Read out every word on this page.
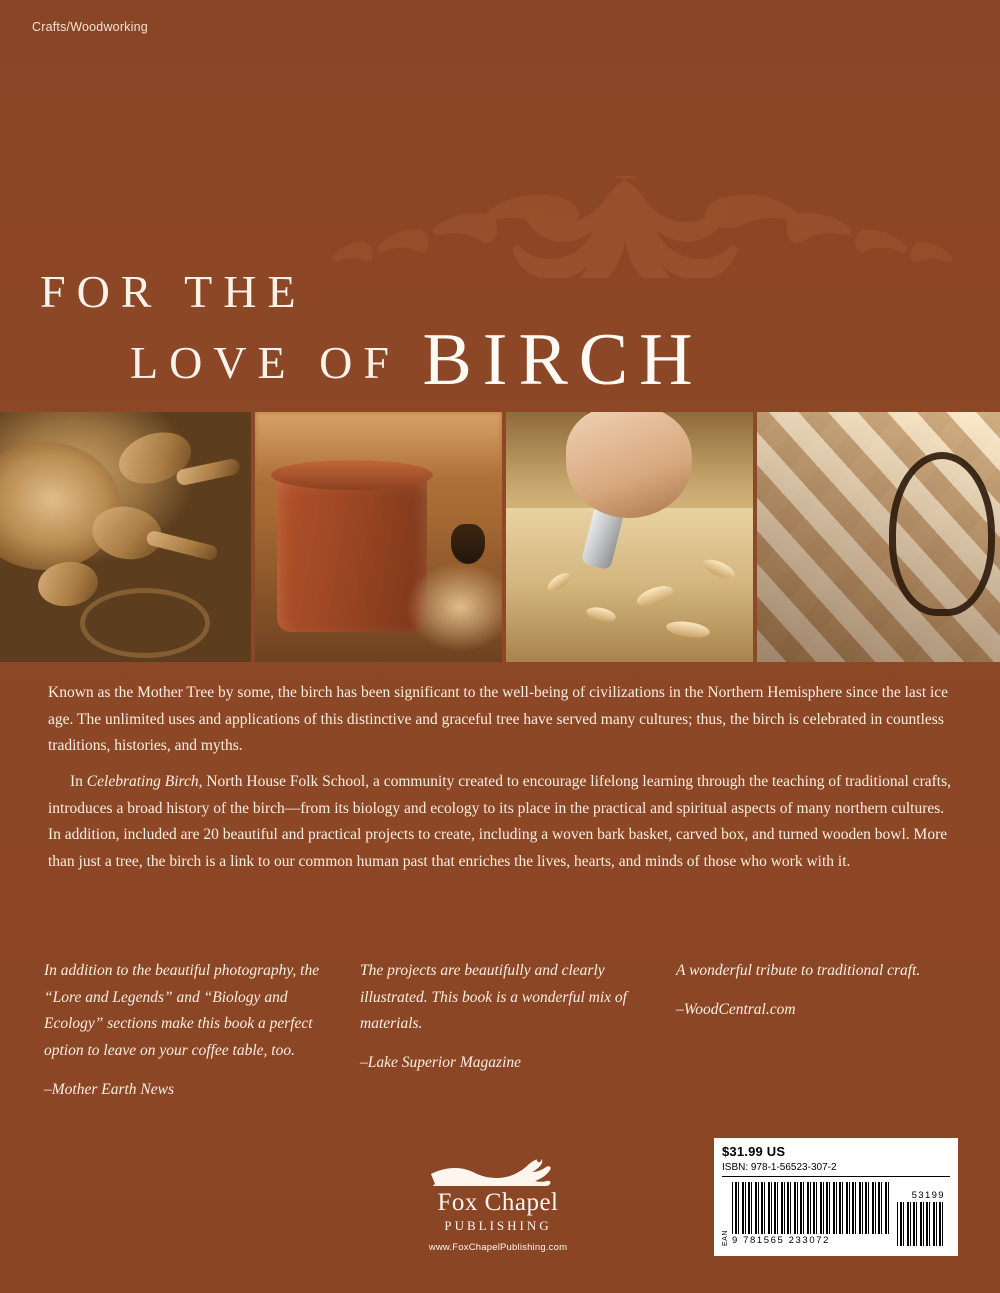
Crafts/Woodworking
FOR THE
LOVE OF BIRCH

Known as the Mother Tree by some, the birch has been significant to the well-being of civilizations in the Northern Hemisphere since the last ice age. The unlimited uses and applications of this distinctive and graceful tree have served many cultures; thus, the birch is celebrated in countless traditions, histories, and myths.

In Celebrating Birch, North House Folk School, a community created to encourage lifelong learning through the teaching of traditional crafts, introduces a broad history of the birch—from its biology and ecology to its place in the practical and spiritual aspects of many northern cultures. In addition, included are 20 beautiful and practical projects to create, including a woven bark basket, carved box, and turned wooden bowl. More than just a tree, the birch is a link to our common human past that enriches the lives, hearts, and minds of those who work with it.

In addition to the beautiful photography, the “Lore and Legends” and “Biology and Ecology” sections make this book a perfect option to leave on your coffee table, too.
–Mother Earth News
The projects are beautifully and clearly illustrated. This book is a wonderful mix of materials.
–Lake Superior Magazine
A wonderful tribute to traditional craft.
–WoodCentral.com
Fox Chapel
PUBLISHING
www.FoxChapelPublishing.com
$31.99 US
ISBN: 978-1-56523-307-2
EAN 9 781565 233072
53199
